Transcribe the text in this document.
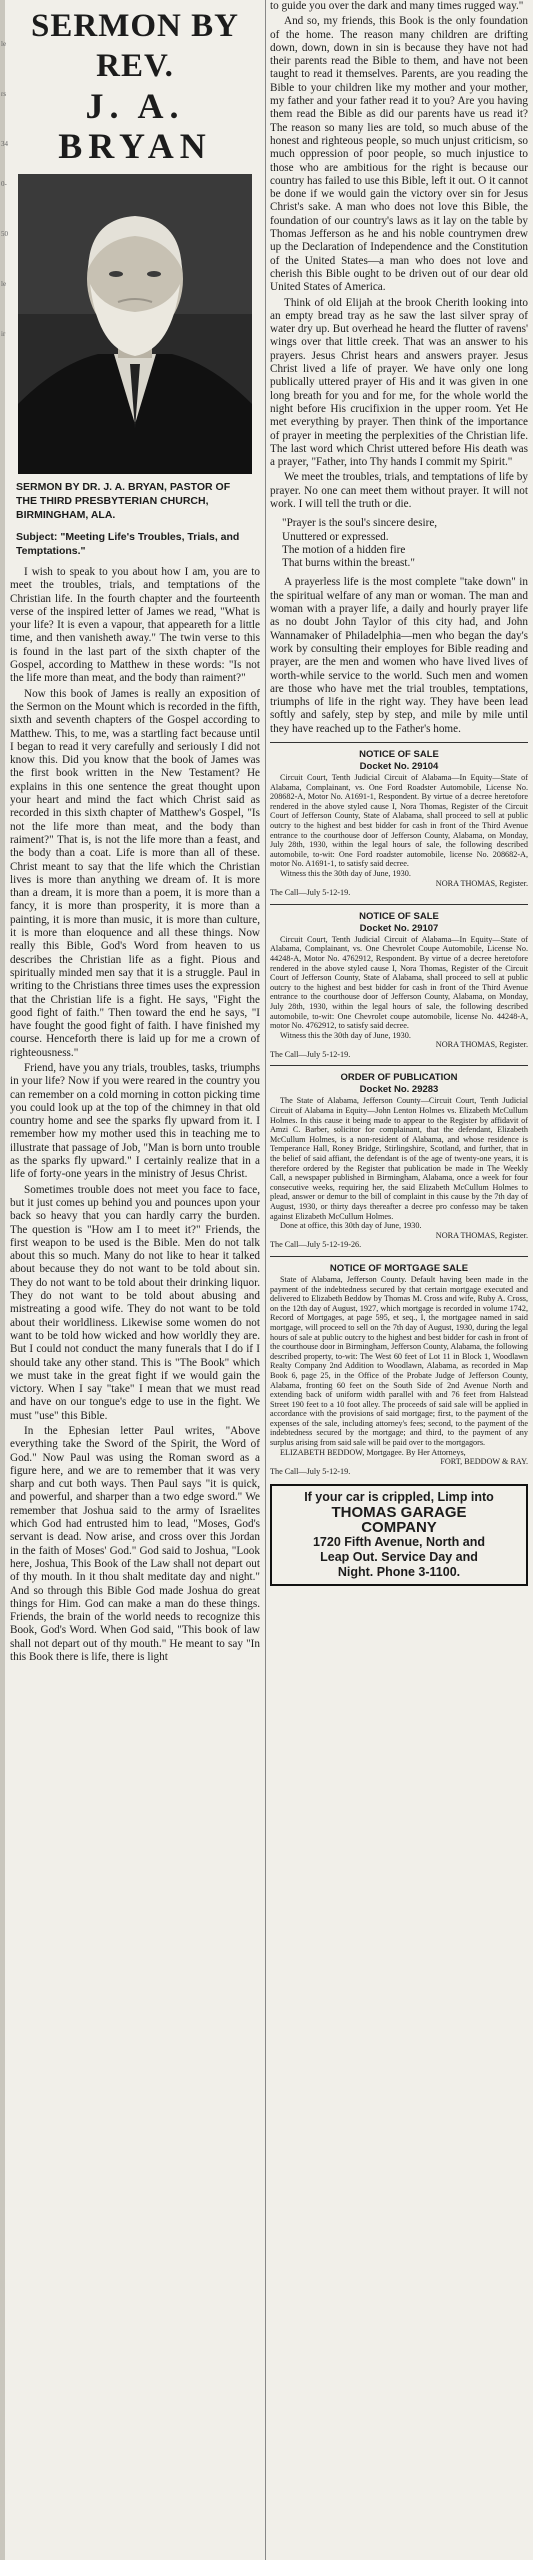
SERMON BY REV.
J. A. BRYAN
SERMON BY DR. J. A. BRYAN, PASTOR OF THE THIRD PRESBYTERIAN CHURCH, BIRMINGHAM, ALA.
Subject: "Meeting Life's Troubles, Trials, and Temptations."

I wish to speak to you about how I am, you are to meet the troubles, trials, and temptations of the Christian life. In the fourth chapter and the fourteenth verse of the inspired letter of James we read, "What is your life? It is even a vapour, that appeareth for a little time, and then vanisheth away." The twin verse to this is found in the last part of the sixth chapter of the Gospel, according to Matthew in these words: "Is not the life more than meat, and the body than raiment?"

Now this book of James is really an exposition of the Sermon on the Mount which is recorded in the fifth, sixth and seventh chapters of the Gospel according to Matthew. This, to me, was a startling fact because until I began to read it very carefully and seriously I did not know this. Did you know that the book of James was the first book written in the New Testament? He explains in this one sentence the great thought upon your heart and mind the fact which Christ said as recorded in this sixth chapter of Matthew's Gospel, "Is not the life more than meat, and the body than raiment?" That is, is not the life more than a feast, and the body than a coat. Life is more than all of these. Christ meant to say that the life which the Christian lives is more than anything we dream of. It is more than a dream, it is more than a poem, it is more than a fancy, it is more than prosperity, it is more than a painting, it is more than music, it is more than culture, it is more than eloquence and all these things. Now really this Bible, God's Word from heaven to us describes the Christian life as a fight. Pious and spiritually minded men say that it is a struggle. Paul in writing to the Christians three times uses the expression that the Christian life is a fight. He says, "Fight the good fight of faith." Then toward the end he says, "I have fought the good fight of faith. I have finished my course. Henceforth there is laid up for me a crown of righteousness."

Friend, have you any trials, troubles, tasks, triumphs in your life? Now if you were reared in the country you can remember on a cold morning in cotton picking time you could look up at the top of the chimney in that old country home and see the sparks fly upward from it. I remember how my mother used this in teaching me to illustrate that passage of Job, "Man is born unto trouble as the sparks fly upward." I certainly realize that in a life of forty-one years in the ministry of Jesus Christ.

Sometimes trouble does not meet you face to face, but it just comes up behind you and pounces upon your back so heavy that you can hardly carry the burden. The question is "How am I to meet it?" Friends, the first weapon to be used is the Bible. Men do not talk about this so much. Many do not like to hear it talked about because they do not want to be told about sin. They do not want to be told about their drinking liquor. They do not want to be told about abusing and mistreating a good wife. They do not want to be told about their worldliness. Likewise some women do not want to be told how wicked and how worldly they are. But I could not conduct the many funerals that I do if I should take any other stand. This is "The Book" which we must take in the great fight if we would gain the victory. When I say "take" I mean that we must read and have on our tongue's edge to use in the fight. We must "use" this Bible.

In the Ephesian letter Paul writes, "Above everything take the Sword of the Spirit, the Word of God." Now Paul was using the Roman sword as a figure here, and we are to remember that it was very sharp and cut both ways. Then Paul says "it is quick, and powerful, and sharper than a two edge sword." We remember that Joshua said to the army of Israelites which God had entrusted him to lead, "Moses, God's servant is dead. Now arise, and cross over this Jordan in the faith of Moses' God." God said to Joshua, "Look here, Joshua, This Book of the Law shall not depart out of thy mouth. In it thou shalt meditate day and night." And so through this Bible God made Joshua do great things for Him. God can make a man do these things. Friends, the brain of the world needs to recognize this Book, God's Word. When God said, "This book of law shall not depart out of thy mouth." He meant to say "In this Book there is life, there is light

to guide you over the dark and many times rugged way."

And so, my friends, this Book is the only foundation of the home. The reason many children are drifting down, down, down in sin is because they have not had their parents read the Bible to them, and have not been taught to read it themselves. Parents, are you reading the Bible to your children like my mother and your mother, my father and your father read it to you? Are you having them read the Bible as did our parents have us read it? The reason so many lies are told, so much abuse of the honest and righteous people, so much unjust criticism, so much oppression of poor people, so much injustice to those who are ambitious for the right is because our country has failed to use this Bible, left it out. O it cannot be done if we would gain the victory over sin for Jesus Christ's sake. A man who does not love this Bible, the foundation of our country's laws as it lay on the table by Thomas Jefferson as he and his noble countrymen drew up the Declaration of Independence and the Constitution of the United States—a man who does not love and cherish this Bible ought to be driven out of our dear old United States of America.

Think of old Elijah at the brook Cherith looking into an empty bread tray as he saw the last silver spray of water dry up. But overhead he heard the flutter of ravens' wings over that little creek. That was an answer to his prayers. Jesus Christ hears and answers prayer. Jesus Christ lived a life of prayer. We have only one long publically uttered prayer of His and it was given in one long breath for you and for me, for the whole world the night before His crucifixion in the upper room. Yet He met everything by prayer. Then think of the importance of prayer in meeting the perplexities of the Christian life. The last word which Christ uttered before His death was a prayer, "Father, into Thy hands I commit my Spirit."

We meet the troubles, trials, and temptations of life by prayer. No one can meet them without prayer. It will not work. I will tell the truth or die.

"Prayer is the soul's sincere desire,
Unuttered or expressed.
The motion of a hidden fire
That burns within the breast."

A prayerless life is the most complete "take down" in the spiritual welfare of any man or woman. The man and woman with a prayer life, a daily and hourly prayer life as no doubt John Taylor of this city had, and John Wannamaker of Philadelphia—men who began the day's work by consulting their employes for Bible reading and prayer, are the men and women who have lived lives of worth-while service to the world. Such men and women are those who have met the trial troubles, temptations, triumphs of life in the right way. They have been lead softly and safely, step by step, and mile by mile until they have reached up to the Father's home.

NOTICE OF SALE
Docket No. 29104

Circuit Court, Tenth Judicial Circuit of Alabama—In Equity—State of Alabama, Complainant, vs. One Ford Roadster Automobile, License No. 208682-A, Motor No. A1691-1, Respondent. By virtue of a decree heretofore rendered in the above styled cause I, Nora Thomas, Register of the Circuit Court of Jefferson County, State of Alabama, shall proceed to sell at public outcry to the highest and best bidder for cash in front of the Third Avenue entrance to the courthouse door of Jefferson County, Alabama, on Monday, July 28th, 1930, within the legal hours of sale, the following described automobile, to-wit: One Ford roadster automobile, license No. 208682-A, motor No. A1691-1, to satisfy said decree.

Witness this the 30th day of June, 1930.

NORA THOMAS, Register.

The Call—July 5-12-19.

NOTICE OF SALE
Docket No. 29107

Circuit Court, Tenth Judicial Circuit of Alabama—In Equity—State of Alabama, Complainant, vs. One Chevrolet Coupe Automobile, License No. 44248-A, Motor No. 4762912, Respondent. By virtue of a decree heretofore rendered in the above styled cause I, Nora Thomas, Register of the Circuit Court of Jefferson County, State of Alabama, shall proceed to sell at public outcry to the highest and best bidder for cash in front of the Third Avenue entrance to the courthouse door of Jefferson County, Alabama, on Monday, July 28th, 1930, within the legal hours of sale, the following described automobile, to-wit: One Chevrolet coupe automobile, license No. 44248-A, motor No. 4762912, to satisfy said decree.

Witness this the 30th day of June, 1930.

NORA THOMAS, Register.

The Call—July 5-12-19.

ORDER OF PUBLICATION
Docket No. 29283

The State of Alabama, Jefferson County—Circuit Court, Tenth Judicial Circuit of Alabama in Equity—John Lenton Holmes vs. Elizabeth McCullum Holmes. In this cause it being made to appear to the Register by affidavit of Amzi C. Barber, solicitor for complainant, that the defendant, Elizabeth McCullum Holmes, is a non-resident of Alabama, and whose residence is Temperance Hall, Roney Bridge, Stirlingshire, Scotland, and further, that in the belief of said affiant, the defendant is of the age of twenty-one years, it is therefore ordered by the Register that publication be made in The Weekly Call, a newspaper published in Birmingham, Alabama, once a week for four consecutive weeks, requiring her, the said Elizabeth McCullum Holmes to plead, answer or demur to the bill of complaint in this cause by the 7th day of August, 1930, or thirty days thereafter a decree pro confesso may be taken against Elizabeth McCullum Holmes.

Done at office, this 30th day of June, 1930.

NORA THOMAS, Register.

The Call—July 5-12-19-26.

NOTICE OF MORTGAGE SALE

State of Alabama, Jefferson County. Default having been made in the payment of the indebtedness secured by that certain mortgage executed and delivered to Elizabeth Beddow by Thomas M. Cross and wife, Ruby A. Cross, on the 12th day of August, 1927, which mortgage is recorded in volume 1742, Record of Mortgages, at page 595, et seq., I, the mortgagee named in said mortgage, will proceed to sell on the 7th day of August, 1930, during the legal hours of sale at public outcry to the highest and best bidder for cash in front of the courthouse door in Birmingham, Jefferson County, Alabama, the following described property, to-wit: The West 60 feet of Lot 11 in Block 1, Woodlawn Realty Company 2nd Addition to Woodlawn, Alabama, as recorded in Map Book 6, page 25, in the Office of the Probate Judge of Jefferson County, Alabama, fronting 60 feet on the South Side of 2nd Avenue North and extending back of uniform width parallel with and 76 feet from Halstead Street 190 feet to a 10 foot alley. The proceeds of said sale will be applied in accordance with the provisions of said mortgage; first, to the payment of the expenses of the sale, including attorney's fees; second, to the payment of the indebtedness secured by the mortgage; and third, to the payment of any surplus arising from said sale will be paid over to the mortgagors.

ELIZABETH BEDDOW, Mortgagee. By Her Attorneys,

FORT, BEDDOW & RAY.

The Call—July 5-12-19.

If your car is crippled, Limp into
THOMAS GARAGE
COMPANY
1720 Fifth Avenue, North and
Leap Out. Service Day and
Night. Phone 3-1100.
le
rs
34
0-
50
le
ir
